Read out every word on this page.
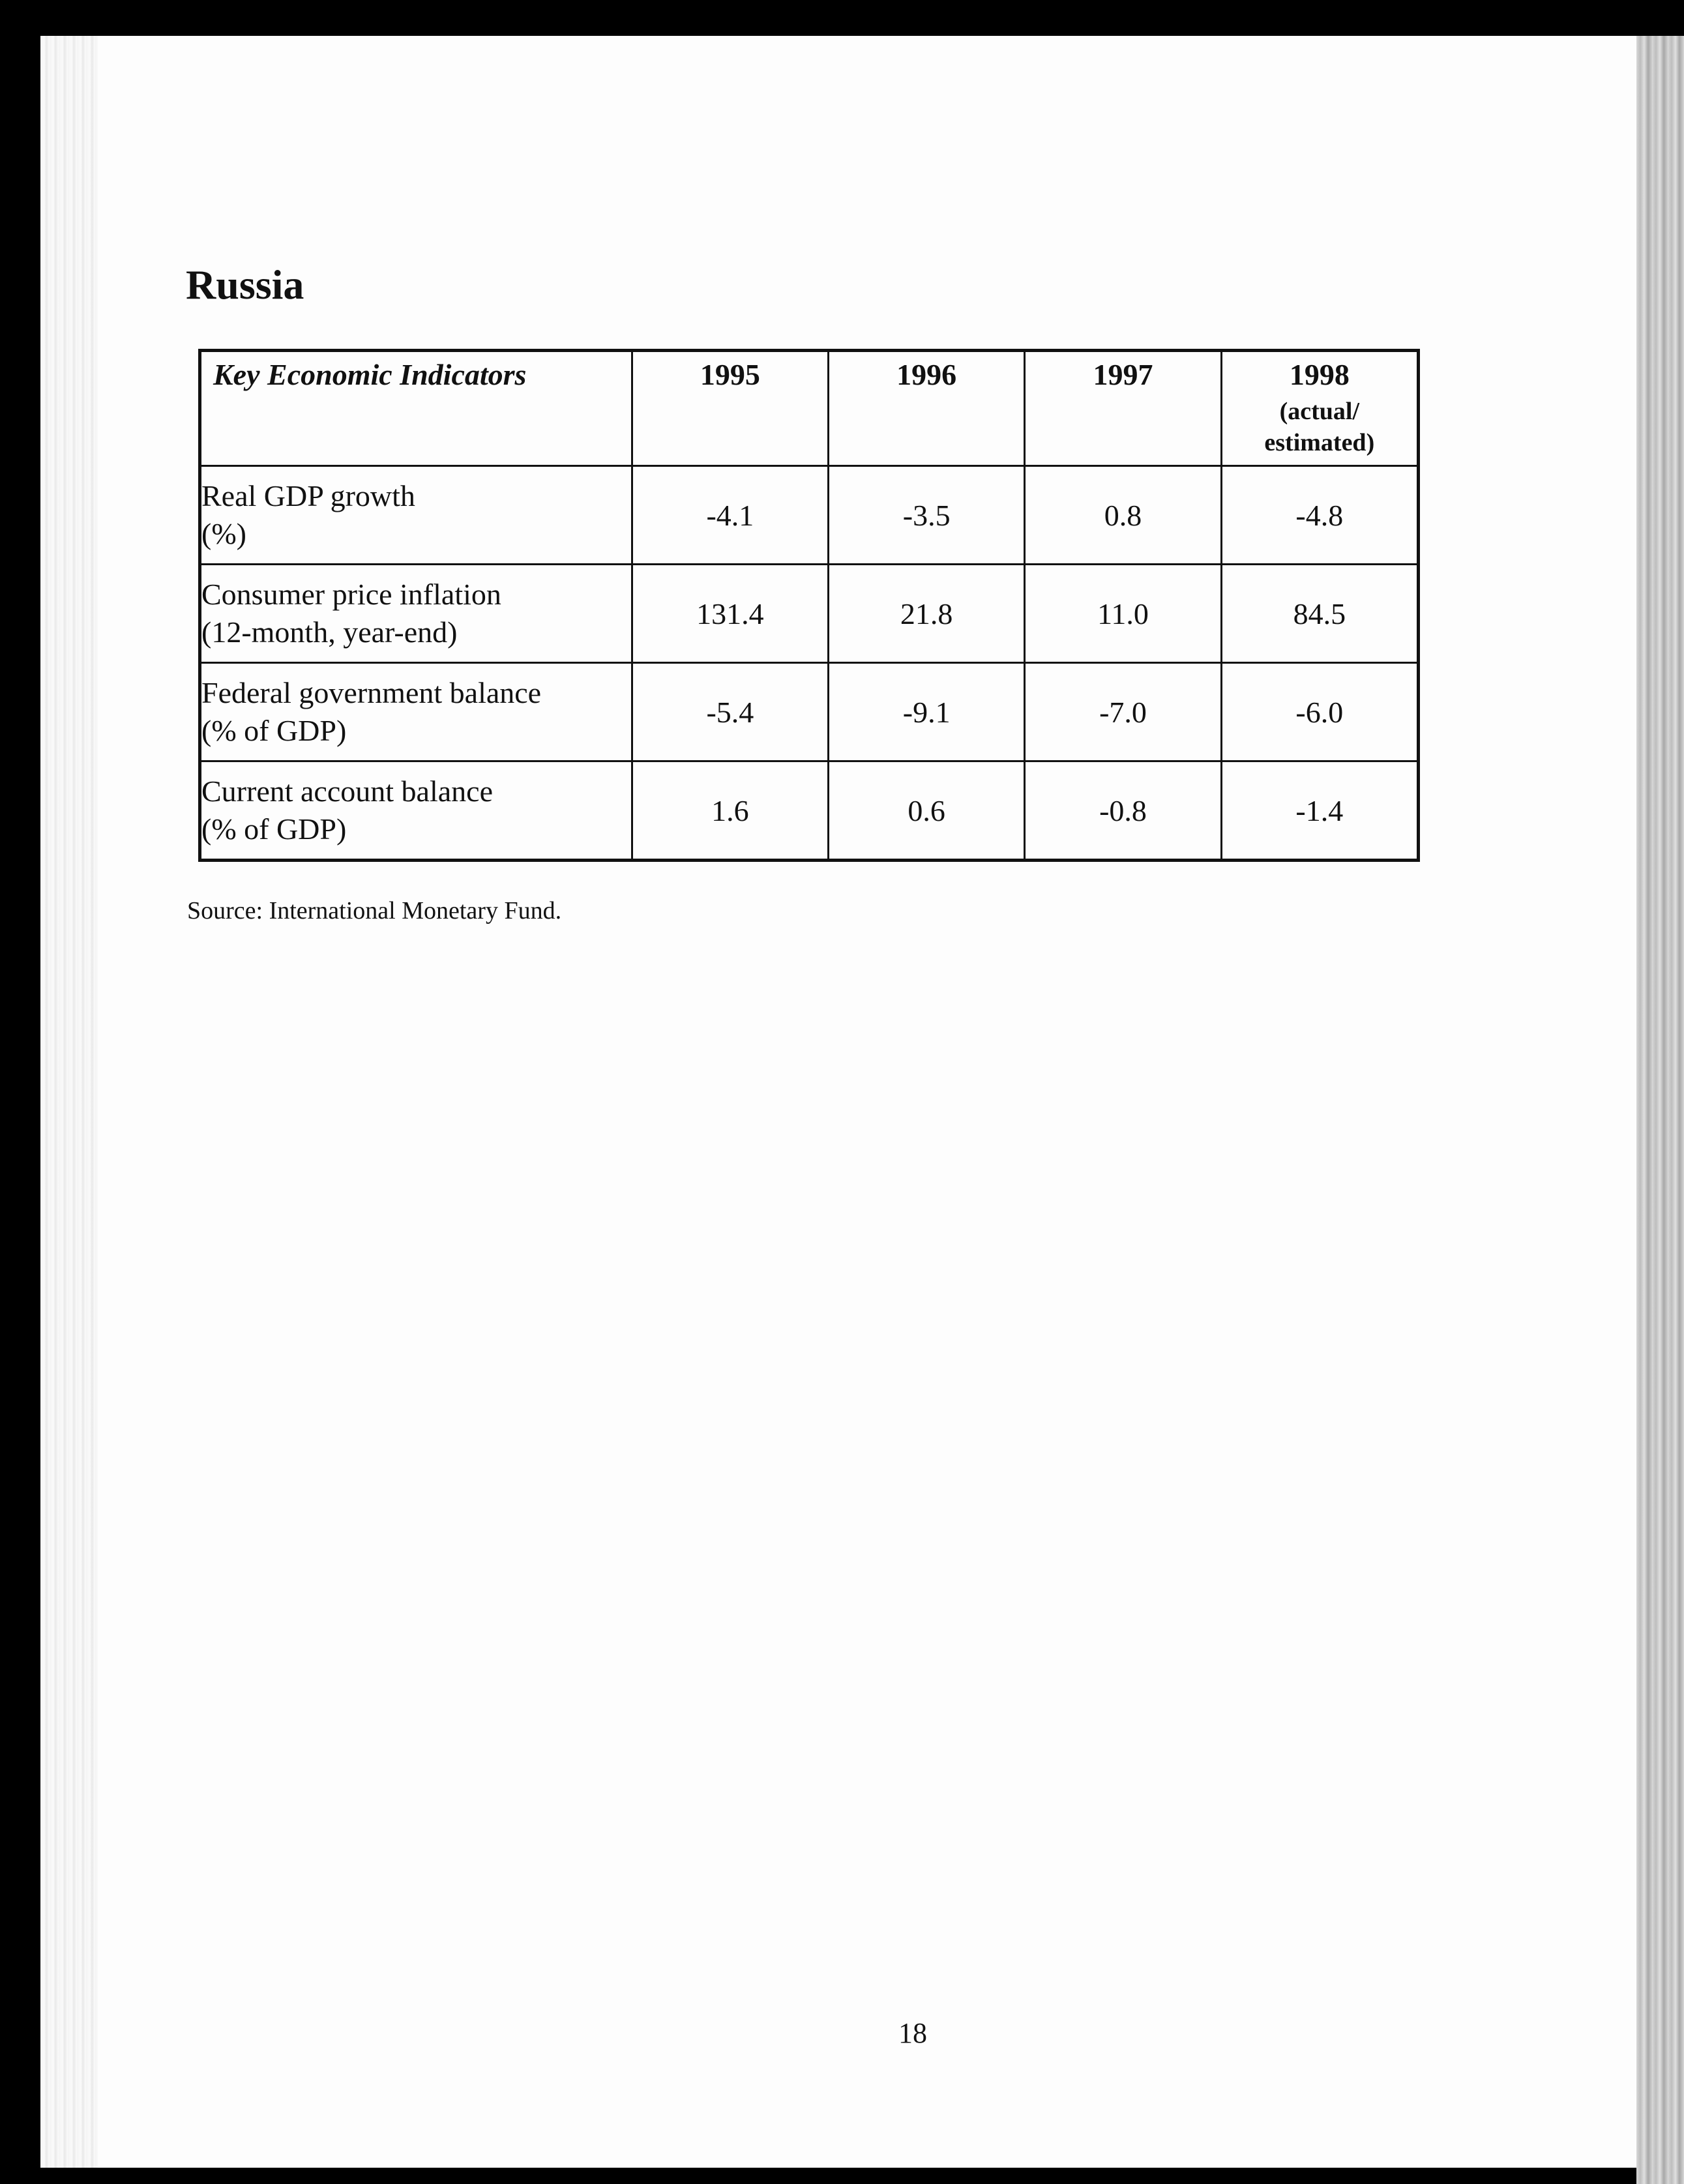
Russia
Key Economic Indicators	1995	1996	1997	1998
(actual/ estimated)

Real GDP growth
(%)	-4.1	-3.5	0.8	-4.8

Consumer price inflation
(12-month, year-end)	131.4	21.8	11.0	84.5

Federal government balance
(% of GDP)	-5.4	-9.1	-7.0	-6.0

Current account balance
(% of GDP)	1.6	0.6	-0.8	-1.4
Source: International Monetary Fund.
18
